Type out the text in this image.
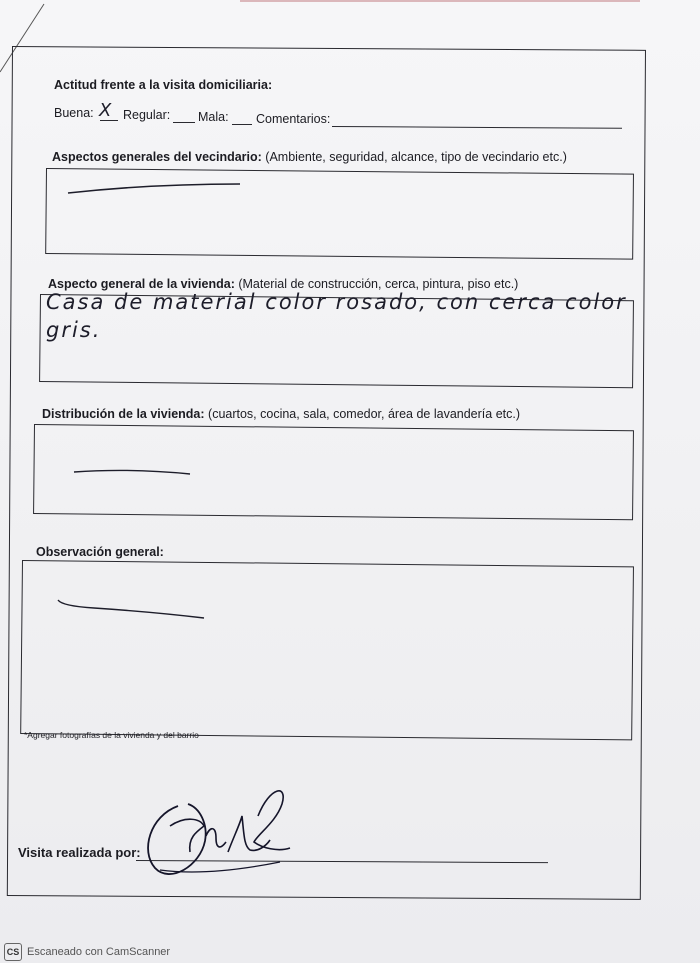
Actitud frente a la visita domiciliaria:
Buena: X Regular: Mala: Comentarios:
Aspectos generales del vecindario: (Ambiente, seguridad, alcance, tipo de vecindario etc.)
Aspecto general de la vivienda: (Material de construcción, cerca, pintura, piso etc.)
Casa de material color rosado, con cerca color
gris.
Distribución de la vivienda: (cuartos, cocina, sala, comedor, área de lavandería etc.)
Observación general:
*Agregar fotografías de la vivienda y del barrio
Visita realizada por:
CS Escaneado con CamScanner
